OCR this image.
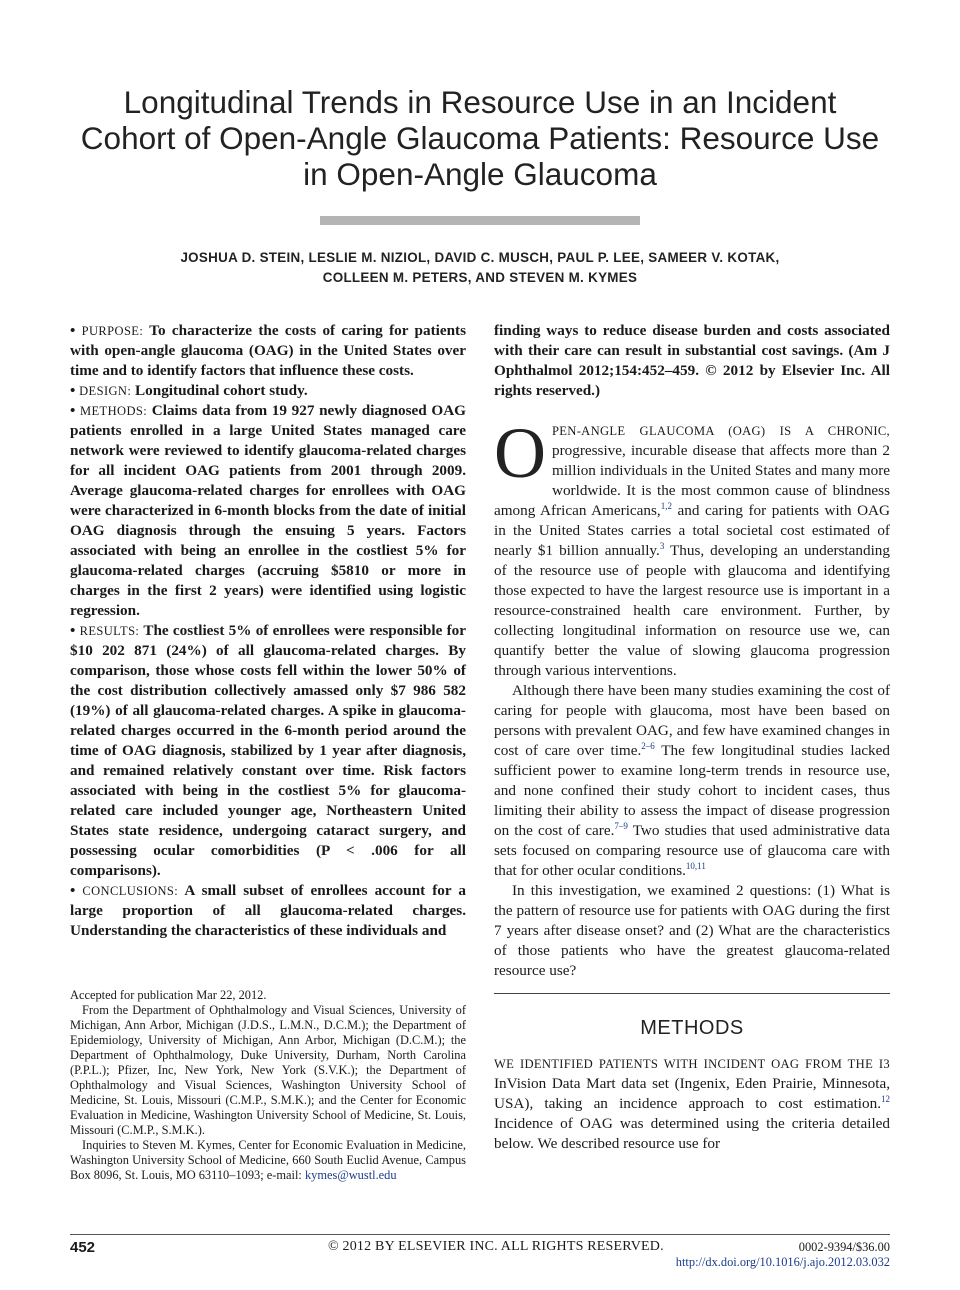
Longitudinal Trends in Resource Use in an Incident Cohort of Open-Angle Glaucoma Patients: Resource Use in Open-Angle Glaucoma
JOSHUA D. STEIN, LESLIE M. NIZIOL, DAVID C. MUSCH, PAUL P. LEE, SAMEER V. KOTAK,
COLLEEN M. PETERS, AND STEVEN M. KYMES

• PURPOSE: To characterize the costs of caring for patients with open-angle glaucoma (OAG) in the United States over time and to identify factors that influence these costs.

• DESIGN: Longitudinal cohort study.

• METHODS: Claims data from 19 927 newly diagnosed OAG patients enrolled in a large United States managed care network were reviewed to identify glaucoma-related charges for all incident OAG patients from 2001 through 2009. Average glaucoma-related charges for enrollees with OAG were characterized in 6-month blocks from the date of initial OAG diagnosis through the ensuing 5 years. Factors associated with being an enrollee in the costliest 5% for glaucoma-related charges (accruing $5810 or more in charges in the first 2 years) were identified using logistic regression.

• RESULTS: The costliest 5% of enrollees were responsible for $10 202 871 (24%) of all glaucoma-related charges. By comparison, those whose costs fell within the lower 50% of the cost distribution collectively amassed only $7 986 582 (19%) of all glaucoma-related charges. A spike in glaucoma-related charges occurred in the 6-month period around the time of OAG diagnosis, stabilized by 1 year after diagnosis, and remained relatively constant over time. Risk factors associated with being in the costliest 5% for glaucoma-related care included younger age, Northeastern United States state residence, undergoing cataract surgery, and possessing ocular comorbidities (P < .006 for all comparisons).

• CONCLUSIONS: A small subset of enrollees account for a large proportion of all glaucoma-related charges. Understanding the characteristics of these individuals and

Accepted for publication Mar 22, 2012.

From the Department of Ophthalmology and Visual Sciences, University of Michigan, Ann Arbor, Michigan (J.D.S., L.M.N., D.C.M.); the Department of Epidemiology, University of Michigan, Ann Arbor, Michigan (D.C.M.); the Department of Ophthalmology, Duke University, Durham, North Carolina (P.P.L.); Pfizer, Inc, New York, New York (S.V.K.); the Department of Ophthalmology and Visual Sciences, Washington University School of Medicine, St. Louis, Missouri (C.M.P., S.M.K.); and the Center for Economic Evaluation in Medicine, Washington University School of Medicine, St. Louis, Missouri (C.M.P., S.M.K.).

Inquiries to Steven M. Kymes, Center for Economic Evaluation in Medicine, Washington University School of Medicine, 660 South Euclid Avenue, Campus Box 8096, St. Louis, MO 63110–1093; e-mail: kymes@wustl.edu

finding ways to reduce disease burden and costs associated with their care can result in substantial cost savings. (Am J Ophthalmol 2012;154:452–459. © 2012 by Elsevier Inc. All rights reserved.)

OPEN-ANGLE GLAUCOMA (OAG) IS A CHRONIC, progressive, incurable disease that affects more than 2 million individuals in the United States and many more worldwide. It is the most common cause of blindness among African Americans,$^{1,2}$ and caring for patients with OAG in the United States carries a total societal cost estimated of nearly $1 billion annually.$^3$ Thus, developing an understanding of the resource use of people with glaucoma and identifying those expected to have the largest resource use is important in a resource-constrained health care environment. Further, by collecting longitudinal information on resource use we, can quantify better the value of slowing glaucoma progression through various interventions.

Although there have been many studies examining the cost of caring for people with glaucoma, most have been based on persons with prevalent OAG, and few have examined changes in cost of care over time.$^{2-6}$ The few longitudinal studies lacked sufficient power to examine long-term trends in resource use, and none confined their study cohort to incident cases, thus limiting their ability to assess the impact of disease progression on the cost of care.$^{7-9}$ Two studies that used administrative data sets focused on comparing resource use of glaucoma care with that for other ocular conditions.$^{10,11}$

In this investigation, we examined 2 questions: (1) What is the pattern of resource use for patients with OAG during the first 7 years after disease onset? and (2) What are the characteristics of those patients who have the greatest glaucoma-related resource use?

METHODS

WE IDENTIFIED PATIENTS WITH INCIDENT OAG FROM THE I3 InVision Data Mart data set (Ingenix, Eden Prairie, Minnesota, USA), taking an incidence approach to cost estimation.$^{12}$ Incidence of OAG was determined using the criteria detailed below. We described resource use for

452	© 2012 BY ELSEVIER INC. ALL RIGHTS RESERVED.	0002-9394/$36.00
http://dx.doi.org/10.1016/j.ajo.2012.03.032
